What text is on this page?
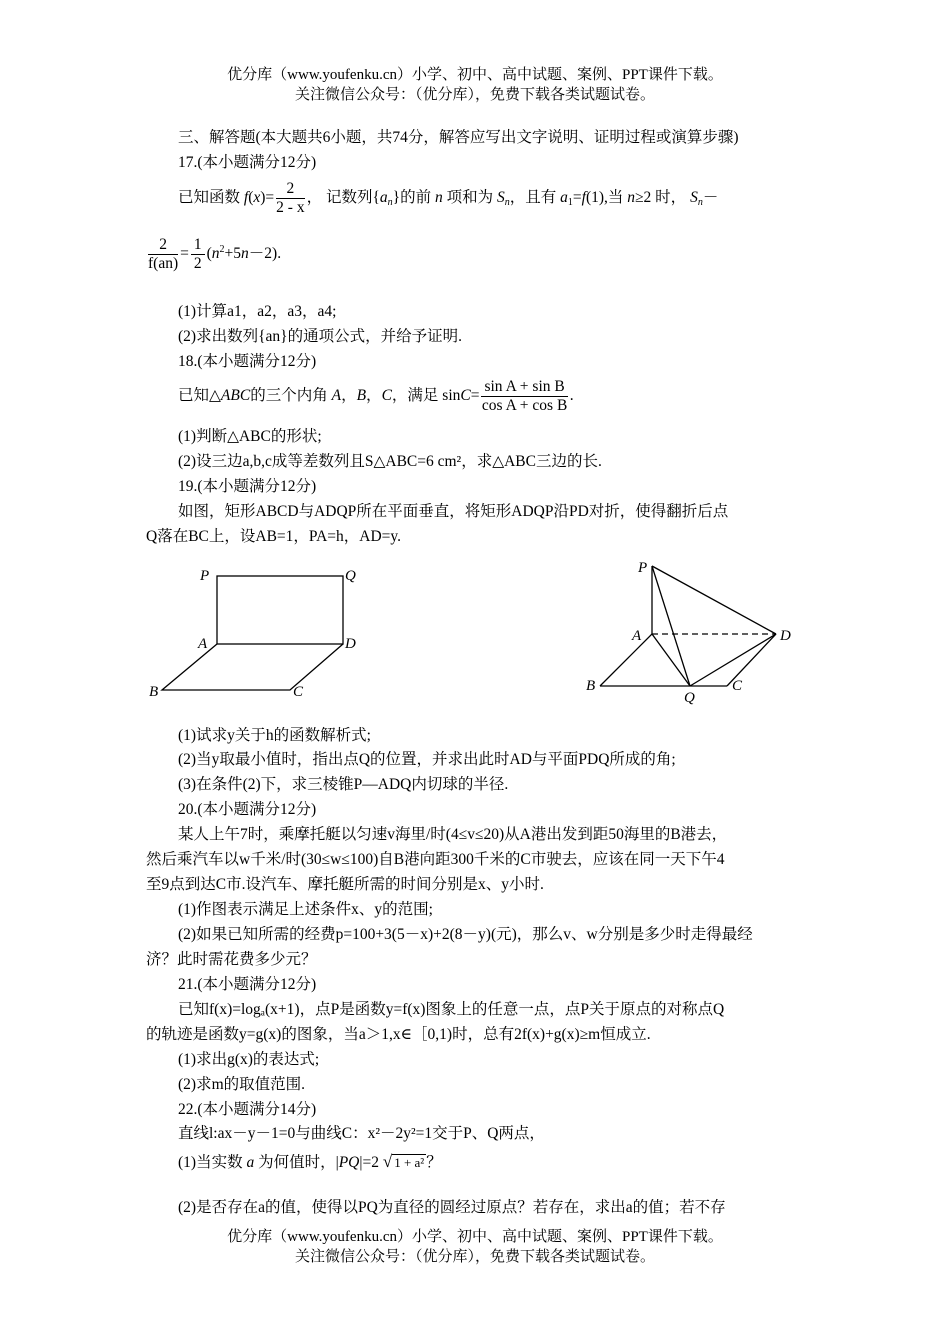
优分库（www.youfenku.cn）小学、初中、高中试题、案例、PPT课件下载。
关注微信公众号：（优分库），免费下载各类试题试卷。
三、解答题(本大题共6小题，共74分，解答应写出文字说明、证明过程或演算步骤)
17.(本小题满分12分)
已知函数 $f(x)= \frac{2}{2 - x}$ ， 记数列$\{a_n\}$的前 n 项和为 $S_n$，且有 $a_1=f(1)$,当 n≥2 时， $S_n-$
$\frac{2}{f(an)} = \frac{1}{2} (n^2+5n-2)$.
(1)计算a1，a2，a3，a4;
(2)求出数列{an}的通项公式，并给予证明.
18.(本小题满分12分)
已知△ABC的三个内角 A，B，C，满足 $\sin C= \frac{\text{sin A + sin B}}{\text{cos A + cos B}}$ .
(1)判断△ABC的形状;
(2)设三边a,b,c成等差数列且S△ABC=6 cm²，求△ABC三边的长.
19.(本小题满分12分)
如图，矩形ABCD与ADQP所在平面垂直，将矩形ADQP沿PD对折，使得翻折后点
Q落在BC上，设AB=1，PA=h，AD=y.
P	Q
A	D
B	C
P
A	D
B
Q
C
(1)试求y关于h的函数解析式;
(2)当y取最小值时，指出点Q的位置，并求出此时AD与平面PDQ所成的角;
(3)在条件(2)下，求三棱锥P—ADQ内切球的半径.
20.(本小题满分12分)
某人上午7时，乘摩托艇以匀速v海里/时(4≤v≤20)从A港出发到距50海里的B港去，
然后乘汽车以w千米/时(30≤w≤100)自B港向距300千米的C市驶去，应该在同一天下午4
至9点到达C市.设汽车、摩托艇所需的时间分别是x、y小时.
(1)作图表示满足上述条件x、y的范围;
(2)如果已知所需的经费p=100+3(5－x)+2(8－y)(元)，那么v、w分别是多少时走得最经
济？此时需花费多少元？
21.(本小题满分12分)
已知f(x)=logₐ(x+1)，点P是函数y=f(x)图象上的任意一点，点P关于原点的对称点Q
的轨迹是函数y=g(x)的图象，当a＞1,x∈［0,1)时，总有2f(x)+g(x)≥m恒成立.
(1)求出g(x)的表达式;
(2)求m的取值范围.
22.(本小题满分14分)
直线l:ax－y－1=0与曲线C：x²－2y²=1交于P、Q两点，
(1)当实数 a 为何值时，|PQ|=2 √ 1 + a² ？
(2)是否存在a的值，使得以PQ为直径的圆经过原点？若存在，求出a的值；若不存
优分库（www.youfenku.cn）小学、初中、高中试题、案例、PPT课件下载。
关注微信公众号：（优分库），免费下载各类试题试卷。
